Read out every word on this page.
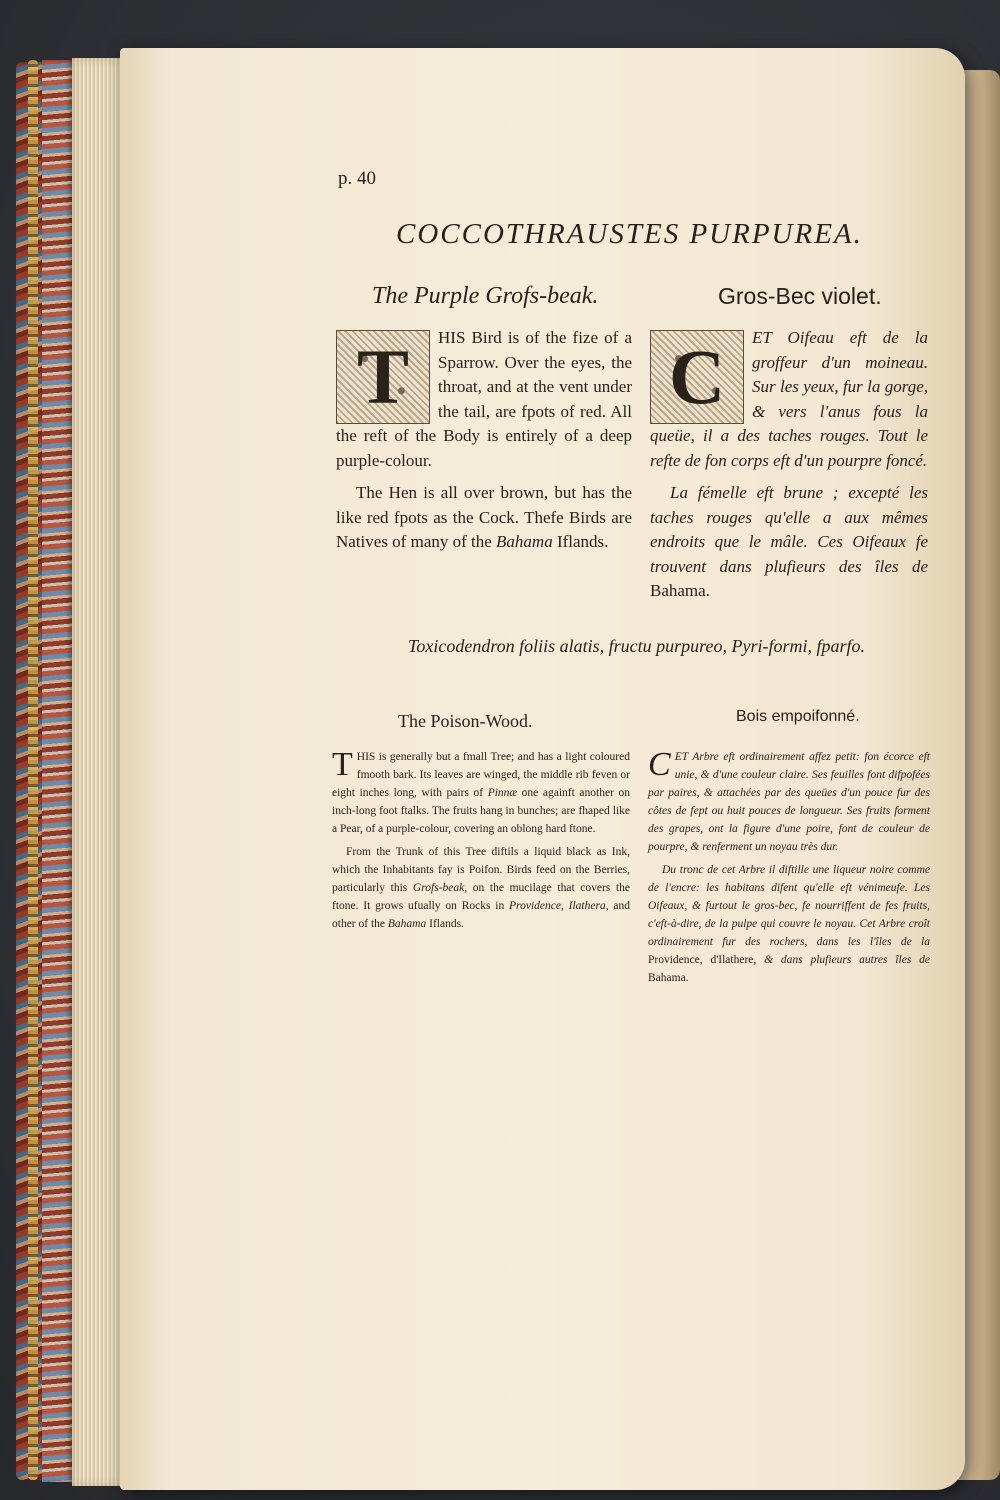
p. 40
COCCOTHRAUSTES PURPUREA.
The Purple Grofs-beak.	Gros-Bec violet.

T	HIS Bird is of the fize of a Sparrow. Over the eyes, the throat, and at the vent under the tail, are fpots of red. All the reft of the Body is entirely of a deep purple-colour.

The Hen is all over brown, but has the like red fpots as the Cock. Thefe Birds are Natives of many of the Bahama Iflands.

C	ET Oifeau eft de la groffeur d'un moineau. Sur les yeux, fur la gorge, & vers l'anus fous la queüe, il a des taches rouges. Tout le refte de fon corps eft d'un pourpre foncé.

La fémelle eft brune ; excepté les taches rouges qu'elle a aux mêmes endroits que le mâle. Ces Oifeaux fe trouvent dans plufieurs des îles de Bahama.

Toxicodendron foliis alatis, fructu purpureo, Pyri-formi, fparfo.
The Poison-Wood.	Bois empoifonné.

THIS is generally but a fmall Tree; and has a light coloured fmooth bark. Its leaves are winged, the middle rib feven or eight inches long, with pairs of Pinnæ one againft another on inch-long foot ftalks. The fruits hang in bunches; are fhaped like a Pear, of a purple-colour, covering an oblong hard ftone.

From the Trunk of this Tree diftils a liquid black as Ink, which the Inhabitants fay is Poifon. Birds feed on the Berries, particularly this Grofs-beak, on the mucilage that covers the ftone. It grows ufually on Rocks in Providence, Ilathera, and other of the Bahama Iflands.

CET Arbre eft ordinairement affez petit: fon écorce eft unie, & d'une couleur claire. Ses feuilles font difpofées par paires, & attachées par des queües d'un pouce fur des côtes de fept ou huit pouces de longueur. Ses fruits forment des grapes, ont la figure d'une poire, font de couleur de pourpre, & renferment un noyau très dur.

Du tronc de cet Arbre il diftille une liqueur noire comme de l'encre: les habitans difent qu'elle eft vénimeufe. Les Oifeaux, & furtout le gros-bec, fe nourriffent de fes fruits, c'eft-à-dire, de la pulpe qui couvre le noyau. Cet Arbre croît ordinairement fur des rochers, dans les l'îles de la Providence, d'Ilathere, & dans plufieurs autres îles de Bahama.
